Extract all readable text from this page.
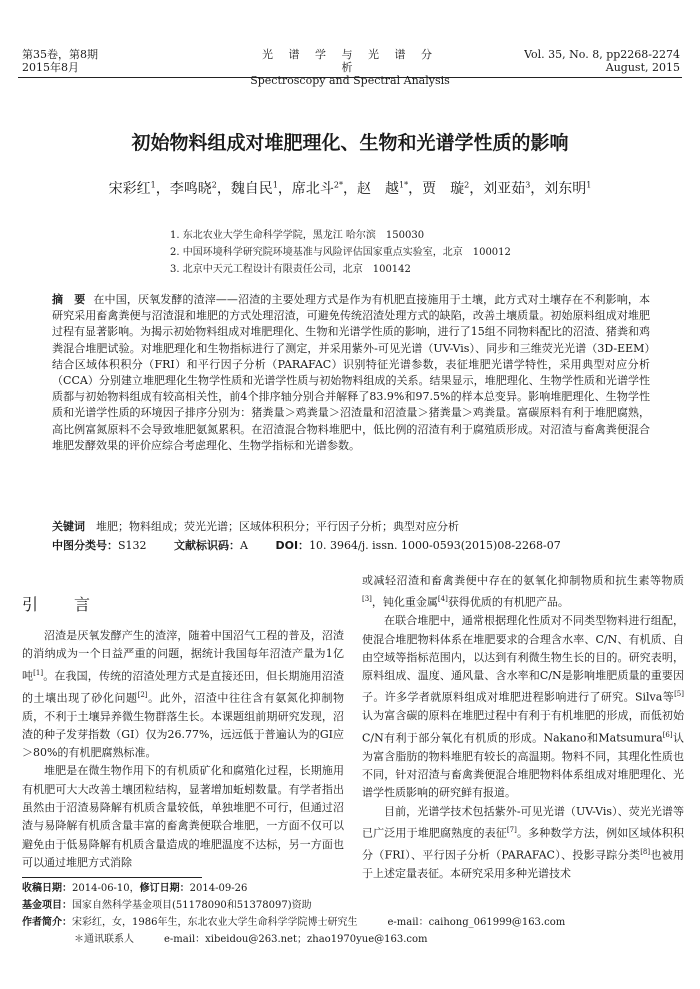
第35卷，第8期
2015年8月
光 谱 学 与 光 谱 分 析
Spectroscopy and Spectral Analysis
Vol. 35, No. 8, pp2268-2274
August, 2015
初始物料组成对堆肥理化、生物和光谱学性质的影响
宋彩红$^1$，李鸣晓$^2$，魏自民$^1$，席北斗$^{2*}$，赵　越$^{1*}$，贾　璇$^2$，刘亚茹$^3$，刘东明$^1$
1. 东北农业大学生命科学学院，黑龙江 哈尔滨　150030
2. 中国环境科学研究院环境基准与风险评估国家重点实验室，北京　100012
3. 北京中天元工程设计有限责任公司，北京　100142
摘　要 在中国，厌氧发酵的渣滓——沼渣的主要处理方式是作为有机肥直接施用于土壤，此方式对土壤存在不利影响，本研究采用畜禽粪便与沼渣混和堆肥的方式处理沼渣，可避免传统沼渣处理方式的缺陷，改善土壤质量。初始原料组成对堆肥过程有显著影响。为揭示初始物料组成对堆肥理化、生物和光谱学性质的影响，进行了15组不同物料配比的沼渣、猪粪和鸡粪混合堆肥试验。对堆肥理化和生物指标进行了测定，并采用紫外-可见光谱（UV-Vis）、同步和三维荧光光谱（3D-EEM）结合区域体积积分（FRI）和平行因子分析（PARAFAC）识别特征光谱参数，表征堆肥光谱学特性，采用典型对应分析（CCA）分别建立堆肥理化生物学性质和光谱学性质与初始物料组成的关系。结果显示，堆肥理化、生物学性质和光谱学性质都与初始物料组成有较高相关性，前4个排序轴分别合并解释了83.9%和97.5%的样本总变异。影响堆肥理化、生物学性质和光谱学性质的环境因子排序分别为：猪粪量＞鸡粪量＞沼渣量和沼渣量＞猪粪量＞鸡粪量。富碳原料有利于堆肥腐熟，高比例富氮原料不会导致堆肥氨氮累积。在沼渣混合物料堆肥中，低比例的沼渣有利于腐殖质形成。对沼渣与畜禽粪便混合堆肥发酵效果的评价应综合考虑理化、生物学指标和光谱参数。
关键词　 堆肥；物料组成；荧光光谱；区域体积积分；平行因子分析；典型对应分析
中图分类号：S132	文献标识码：A	DOI：10. 3964/j. issn. 1000-0593(2015)08-2268-07
引　言

沼渣是厌氧发酵产生的渣滓，随着中国沼气工程的普及，沼渣的消纳成为一个日益严重的问题，据统计我国每年沼渣产量为1亿吨[1]。在我国，传统的沼渣处理方式是直接还田，但长期施用沼渣的土壤出现了砂化问题[2]。此外，沼渣中往往含有氨氮化抑制物质，不利于土壤异养微生物群落生长。本课题组前期研究发现，沼渣的种子发芽指数（GI）仅为26.77%，远远低于普遍认为的GI应＞80%的有机肥腐熟标准。

堆肥是在微生物作用下的有机质矿化和腐殖化过程，长期施用有机肥可大大改善土壤团粒结构，显著增加蚯蚓数量。有学者指出虽然由于沼渣易降解有机质含量较低，单独堆肥不可行，但通过沼渣与易降解有机质含量丰富的畜禽粪便联合堆肥，一方面不仅可以避免由于低易降解有机质含量造成的堆肥温度不达标，另一方面也可以通过堆肥方式消除

或减轻沼渣和畜禽粪便中存在的氨氧化抑制物质和抗生素等物质[3]，钝化重金属[4]获得优质的有机肥产品。

在联合堆肥中，通常根据理化性质对不同类型物料进行组配，使混合堆肥物料体系在堆肥要求的合理含水率、C/N、有机质、自由空域等指标范围内，以达到有利微生物生长的目的。研究表明，原料组成、温度、通风量、含水率和C/N是影响堆肥质量的重要因子。许多学者就原料组成对堆肥进程影响进行了研究。Silva等[5]认为富含碳的原料在堆肥过程中有利于有机堆肥的形成，而低初始C/N有利于部分氧化有机质的形成。Nakano和Matsumura[6]认为富含脂肪的物料堆肥有较长的高温期。物料不同，其理化性质也不同，针对沼渣与畜禽粪便混合堆肥物料体系组成对堆肥理化、光谱学性质影响的研究鲜有报道。

目前，光谱学技术包括紫外-可见光谱（UV-Vis）、荧光光谱等已广泛用于堆肥腐熟度的表征[7]。多种数学方法，例如区域体积积分（FRI）、平行因子分析（PARAFAC）、投影寻踪分类[8]也被用于上述定量表征。本研究采用多种光谱技术

收稿日期：2014-06-10，修订日期：2014-09-26
基金项目：国家自然科学基金项目(51178090和51378097)资助
作者简介：宋彩红，女，1986年生，东北农业大学生命科学学院博士研究生　　　	e-mail：caihong_061999@163.com
＊通讯联系人　　　	e-mail：xibeidou@263.net；zhao1970yue@163.com
